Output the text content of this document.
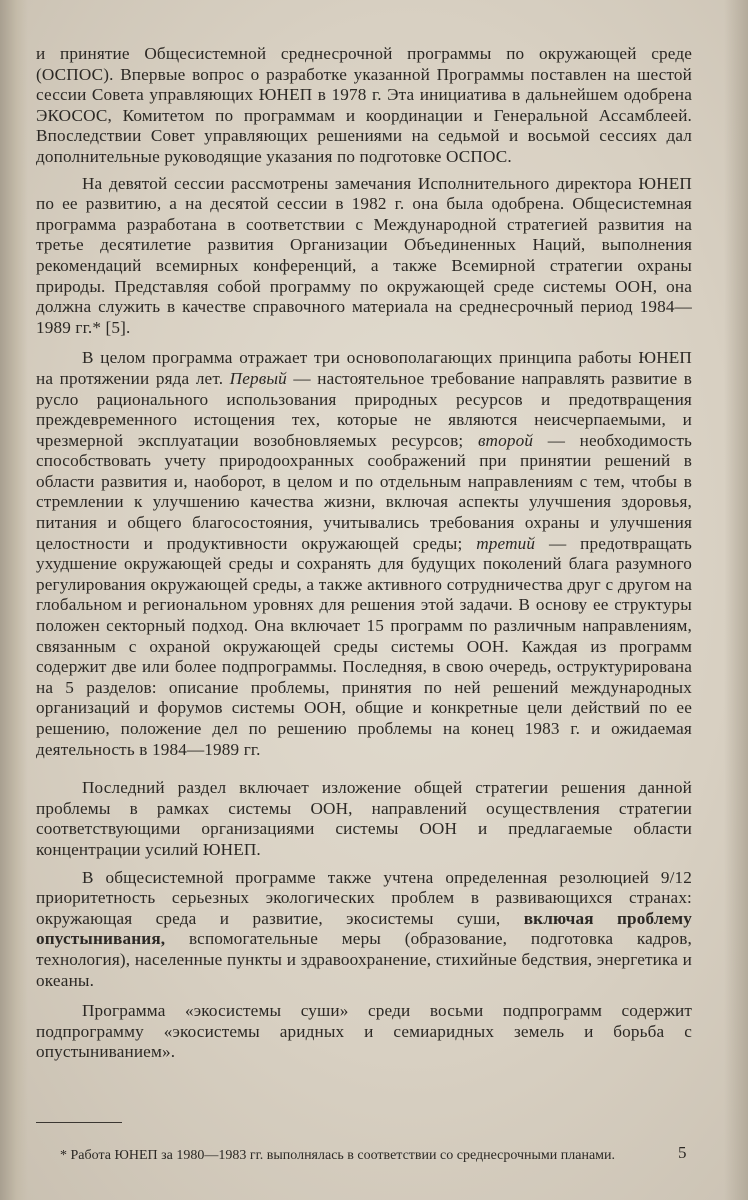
и принятие Общесистемной среднесрочной программы по окружающей среде (ОСПОС). Впервые вопрос о разработке указанной Программы поставлен на шестой сессии Совета управляющих ЮНЕП в 1978 г. Эта инициатива в дальнейшем одобрена ЭКОСОС, Комитетом по программам и координации и Генеральной Ассамблеей. Впоследствии Совет управляющих решениями на седьмой и восьмой сессиях дал дополнительные руководящие указания по подготовке ОСПОС.

На девятой сессии рассмотрены замечания Исполнительного директора ЮНЕП по ее развитию, а на десятой сессии в 1982 г. она была одобрена. Общесистемная программа разработана в соответствии с Международной стратегией развития на третье десятилетие развития Организации Объединенных Наций, выполнения рекомендаций всемирных конференций, а также Всемирной стратегии охраны природы. Представляя собой программу по окружающей среде системы ООН, она должна служить в качестве справочного материала на среднесрочный период 1984—1989 гг.* [5].

В целом программа отражает три основополагающих принципа работы ЮНЕП на протяжении ряда лет. Первый — настоятельное требование направлять развитие в русло рационального использования природных ресурсов и предотвращения преждевременного истощения тех, которые не являются неисчерпаемыми, и чрезмерной эксплуатации возобновляемых ресурсов; второй — необходимость способствовать учету природоохранных соображений при принятии решений в области развития и, наоборот, в целом и по отдельным направлениям с тем, чтобы в стремлении к улучшению качества жизни, включая аспекты улучшения здоровья, питания и общего благосостояния, учитывались требования охраны и улучшения целостности и продуктивности окружающей среды; третий — предотвращать ухудшение окружающей среды и сохранять для будущих поколений блага разумного регулирования окружающей среды, а также активного сотрудничества друг с другом на глобальном и региональном уровнях для решения этой задачи. В основу ее структуры положен секторный подход. Она включает 15 программ по различным направлениям, связанным с охраной окружающей среды системы ООН. Каждая из программ содержит две или более подпрограммы. Последняя, в свою очередь, оструктурирована на 5 разделов: описание проблемы, принятия по ней решений международных организаций и форумов системы ООН, общие и конкретные цели действий по ее решению, положение дел по решению проблемы на конец 1983 г. и ожидаемая деятельность в 1984—1989 гг.

Последний раздел включает изложение общей стратегии решения данной проблемы в рамках системы ООН, направлений осуществления стратегии соответствующими организациями системы ООН и предлагаемые области концентрации усилий ЮНЕП.

В общесистемной программе также учтена определенная резолюцией 9/12 приоритетность серьезных экологических проблем в развивающихся странах: окружающая среда и развитие, экосистемы суши, включая проблему опустынивания, вспомогательные меры (образование, подготовка кадров, технология), населенные пункты и здравоохранение, стихийные бедствия, энергетика и океаны.

Программа «экосистемы суши» среди восьми подпрограмм содержит подпрограмму «экосистемы аридных и семиаридных земель и борьба с опустыниванием».

* Работа ЮНЕП за 1980—1983 гг. выполнялась в соответствии со среднесрочными планами.	5
